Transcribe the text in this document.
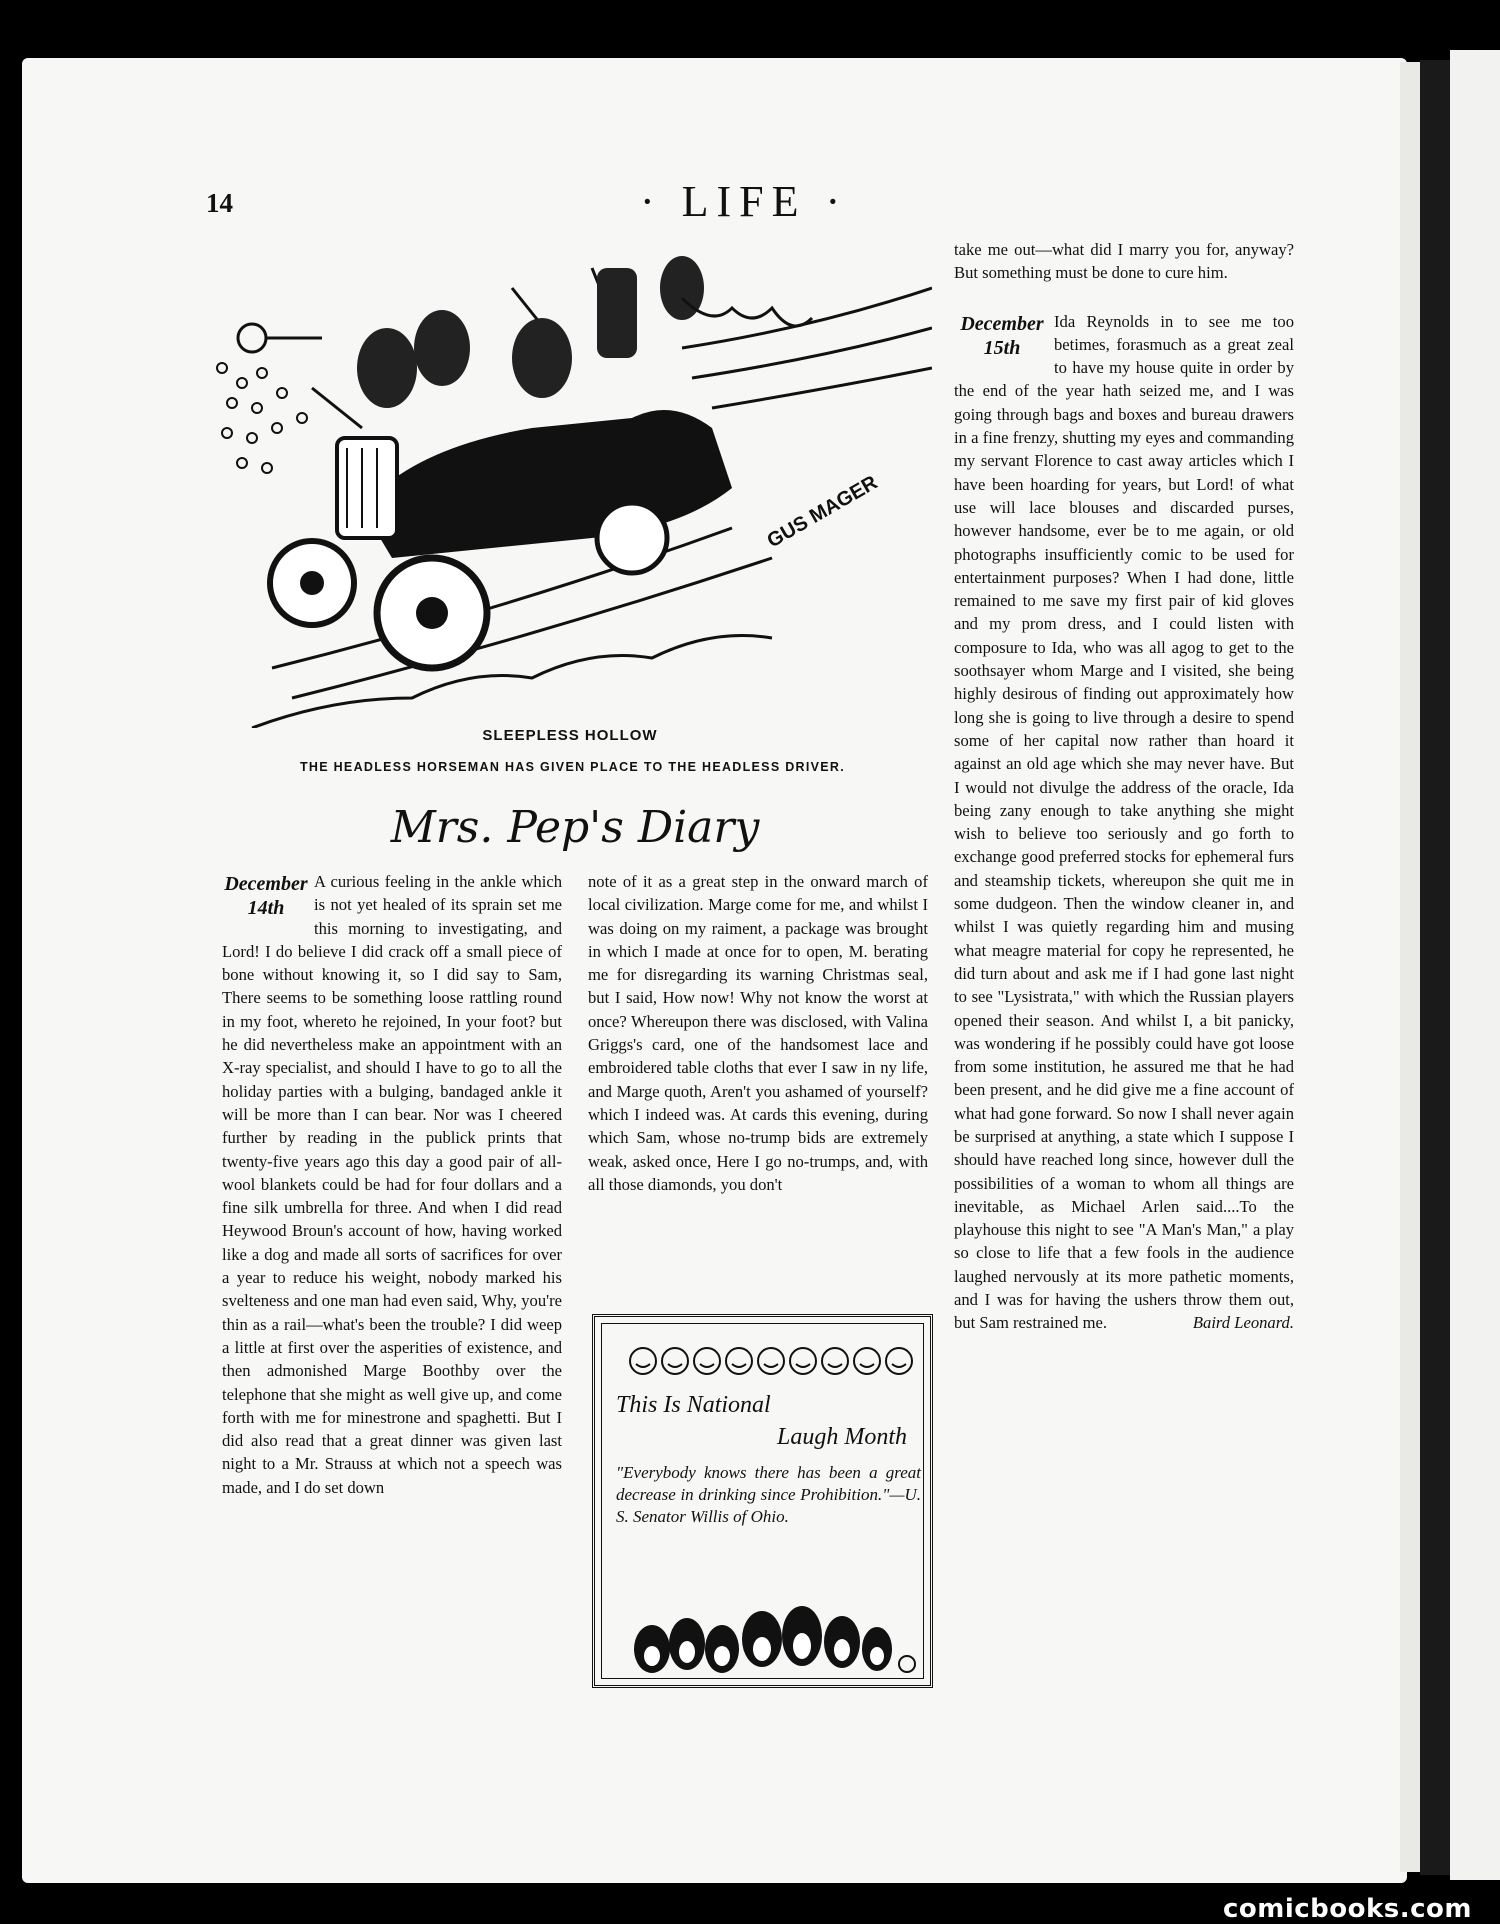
14	· LIFE ·
GUS MAGER
SLEEPLESS HOLLOW
THE HEADLESS HORSEMAN HAS GIVEN PLACE TO THE HEADLESS DRIVER.
Mrs. Pep's Diary
December
14th

A curious feeling in the ankle which is not yet healed of its sprain set me this morning to investigating, and Lord! I do believe I did crack off a small piece of bone without knowing it, so I did say to Sam, There seems to be something loose rattling round in my foot, whereto he rejoined, In your foot? but he did nevertheless make an appointment with an X-ray specialist, and should I have to go to all the holiday parties with a bulging, bandaged ankle it will be more than I can bear. Nor was I cheered further by reading in the publick prints that twenty-five years ago this day a good pair of all-wool blankets could be had for four dollars and a fine silk umbrella for three. And when I did read Heywood Broun's account of how, having worked like a dog and made all sorts of sacrifices for over a year to reduce his weight, nobody marked his svelteness and one man had even said, Why, you're thin as a rail—what's been the trouble? I did weep a little at first over the asperities of existence, and then admonished Marge Boothby over the telephone that she might as well give up, and come forth with me for minestrone and spaghetti. But I did also read that a great dinner was given last night to a Mr. Strauss at which not a speech was made, and I do set down

note of it as a great step in the onward march of local civilization. Marge come for me, and whilst I was doing on my raiment, a package was brought in which I made at once for to open, M. berating me for disregarding its warning Christmas seal, but I said, How now! Why not know the worst at once? Whereupon there was disclosed, with Valina Griggs's card, one of the handsomest lace and embroidered table cloths that ever I saw in ny life, and Marge quoth, Aren't you ashamed of yourself? which I indeed was. At cards this evening, during which Sam, whose no-trump bids are extremely weak, asked once, Here I go no-trumps, and, with all those diamonds, you don't

take me out—what did I marry you for, anyway? But something must be done to cure him.

December
15th

Ida Reynolds in to see me too betimes, forasmuch as a great zeal to have my house quite in order by the end of the year hath seized me, and I was going through bags and boxes and bureau drawers in a fine frenzy, shutting my eyes and commanding my servant Florence to cast away articles which I have been hoarding for years, but Lord! of what use will lace blouses and discarded purses, however handsome, ever be to me again, or old photographs insufficiently comic to be used for entertainment purposes? When I had done, little remained to me save my first pair of kid gloves and my prom dress, and I could listen with composure to Ida, who was all agog to get to the soothsayer whom Marge and I visited, she being highly desirous of finding out approximately how long she is going to live through a desire to spend some of her capital now rather than hoard it against an old age which she may never have. But I would not divulge the address of the oracle, Ida being zany enough to take anything she might wish to believe too seriously and go forth to exchange good preferred stocks for ephemeral furs and steamship tickets, whereupon she quit me in some dudgeon. Then the window cleaner in, and whilst I was quietly regarding him and musing what meagre material for copy he represented, he did turn about and ask me if I had gone last night to see "Lysistrata," with which the Russian players opened their season. And whilst I, a bit panicky, was wondering if he possibly could have got loose from some institution, he assured me that he had been present, and he did give me a fine account of what had gone forward. So now I shall never again be surprised at anything, a state which I suppose I should have reached long since, however dull the possibilities of a woman to whom all things are inevitable, as Michael Arlen said....To the playhouse this night to see "A Man's Man," a play so close to life that a few fools in the audience laughed nervously at its more pathetic moments, and I was for having the ushers throw them out, but Sam restrained me.	Baird Leonard.

This Is National
Laugh Month
"Everybody knows there has been a great decrease in drinking since Prohibition."—U. S. Senator Willis of Ohio.
comicbooks.com
